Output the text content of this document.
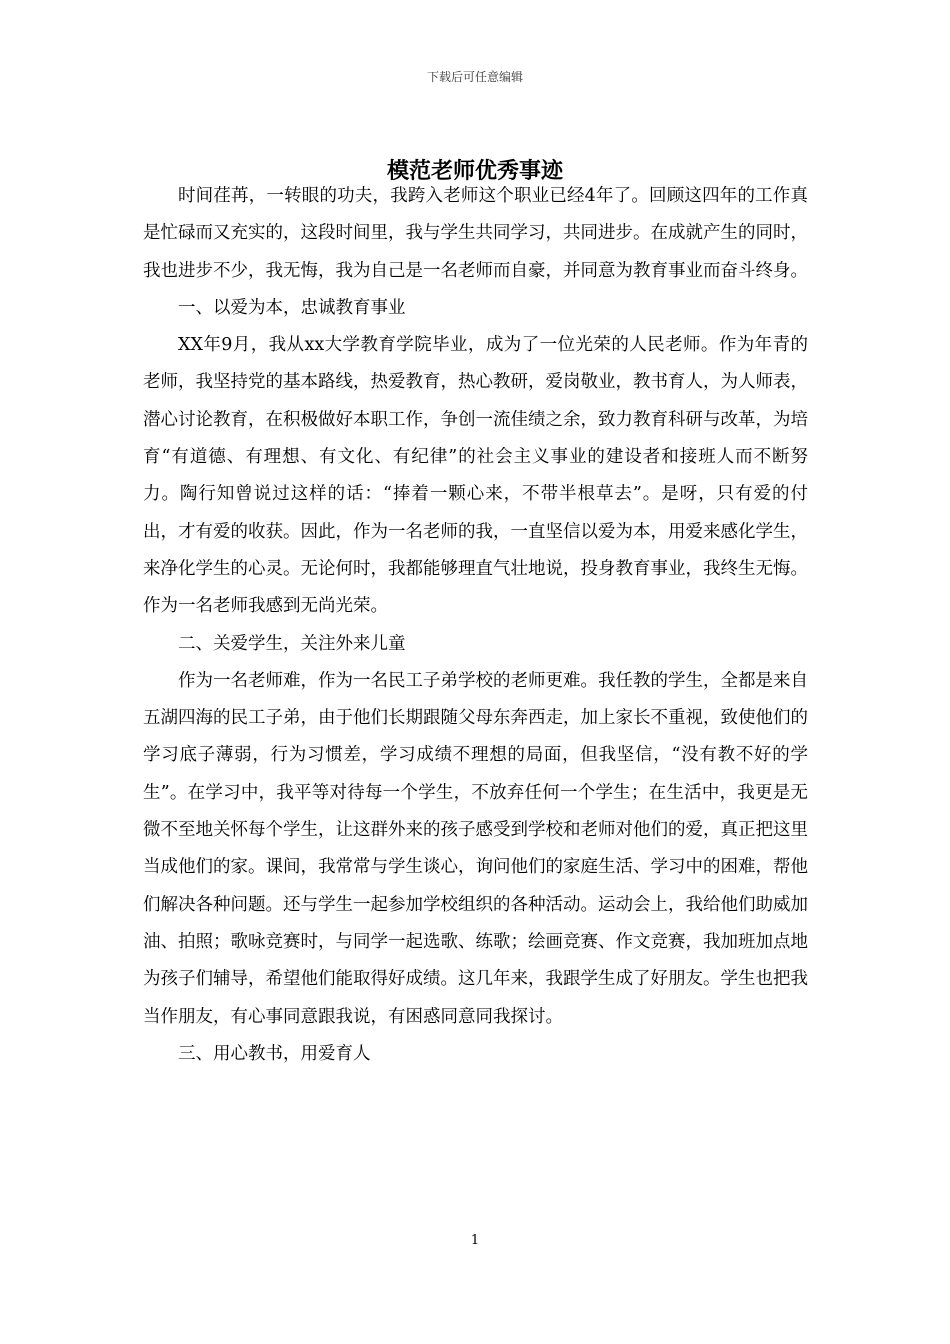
下载后可任意编辑
模范老师优秀事迹

时间荏苒，一转眼的功夫，我跨入老师这个职业已经4年了。回顾这四年的工作真是忙碌而又充实的，这段时间里，我与学生共同学习，共同进步。在成就产生的同时，我也进步不少，我无悔，我为自己是一名老师而自豪，并同意为教育事业而奋斗终身。

一、以爱为本，忠诚教育事业

XX年9月，我从xx大学教育学院毕业，成为了一位光荣的人民老师。作为年青的老师，我坚持党的基本路线，热爱教育，热心教研，爱岗敬业，教书育人，为人师表，潜心讨论教育，在积极做好本职工作，争创一流佳绩之余，致力教育科研与改革，为培育“有道德、有理想、有文化、有纪律”的社会主义事业的建设者和接班人而不断努力。陶行知曾说过这样的话：“捧着一颗心来，不带半根草去”。是呀，只有爱的付出，才有爱的收获。因此，作为一名老师的我，一直坚信以爱为本，用爱来感化学生，来净化学生的心灵。无论何时，我都能够理直气壮地说，投身教育事业，我终生无悔。作为一名老师我感到无尚光荣。

二、关爱学生，关注外来儿童

作为一名老师难，作为一名民工子弟学校的老师更难。我任教的学生，全都是来自五湖四海的民工子弟，由于他们长期跟随父母东奔西走，加上家长不重视，致使他们的学习底子薄弱，行为习惯差，学习成绩不理想的局面，但我坚信，“没有教不好的学生”。在学习中，我平等对待每一个学生，不放弃任何一个学生；在生活中，我更是无微不至地关怀每个学生，让这群外来的孩子感受到学校和老师对他们的爱，真正把这里当成他们的家。课间，我常常与学生谈心，询问他们的家庭生活、学习中的困难，帮他们解决各种问题。还与学生一起参加学校组织的各种活动。运动会上，我给他们助威加油、拍照；歌咏竞赛时，与同学一起选歌、练歌；绘画竞赛、作文竞赛，我加班加点地为孩子们辅导，希望他们能取得好成绩。这几年来，我跟学生成了好朋友。学生也把我当作朋友，有心事同意跟我说，有困惑同意同我探讨。

三、用心教书，用爱育人

1
